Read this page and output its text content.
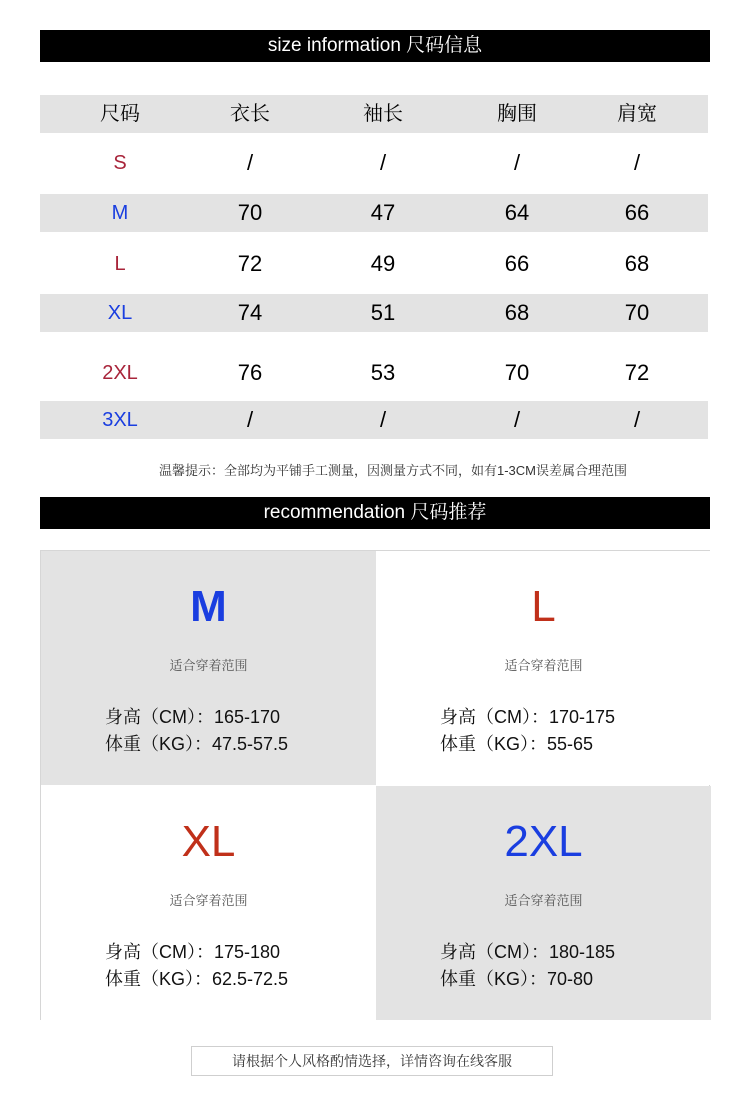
size information 尺码信息
尺码	衣长	袖长	胸围	肩宽
S	/	/	/	/
M	70	47	64	66
L	72	49	66	68
XL	74	51	68	70
2XL	76	53	70	72
3XL	/	/	/	/
温馨提示：全部均为平铺手工测量，因测量方式不同，如有1-3CM误差属合理范围
recommendation 尺码推荐
M
适合穿着范围
身高（CM）：165-170
体重（KG）：47.5-57.5
L
适合穿着范围
身高（CM）：170-175
体重（KG）：55-65
XL
适合穿着范围
身高（CM）：175-180
体重（KG）：62.5-72.5
2XL
适合穿着范围
身高（CM）：180-185
体重（KG）：70-80
请根据个人风格酌情选择，详情咨询在线客服
